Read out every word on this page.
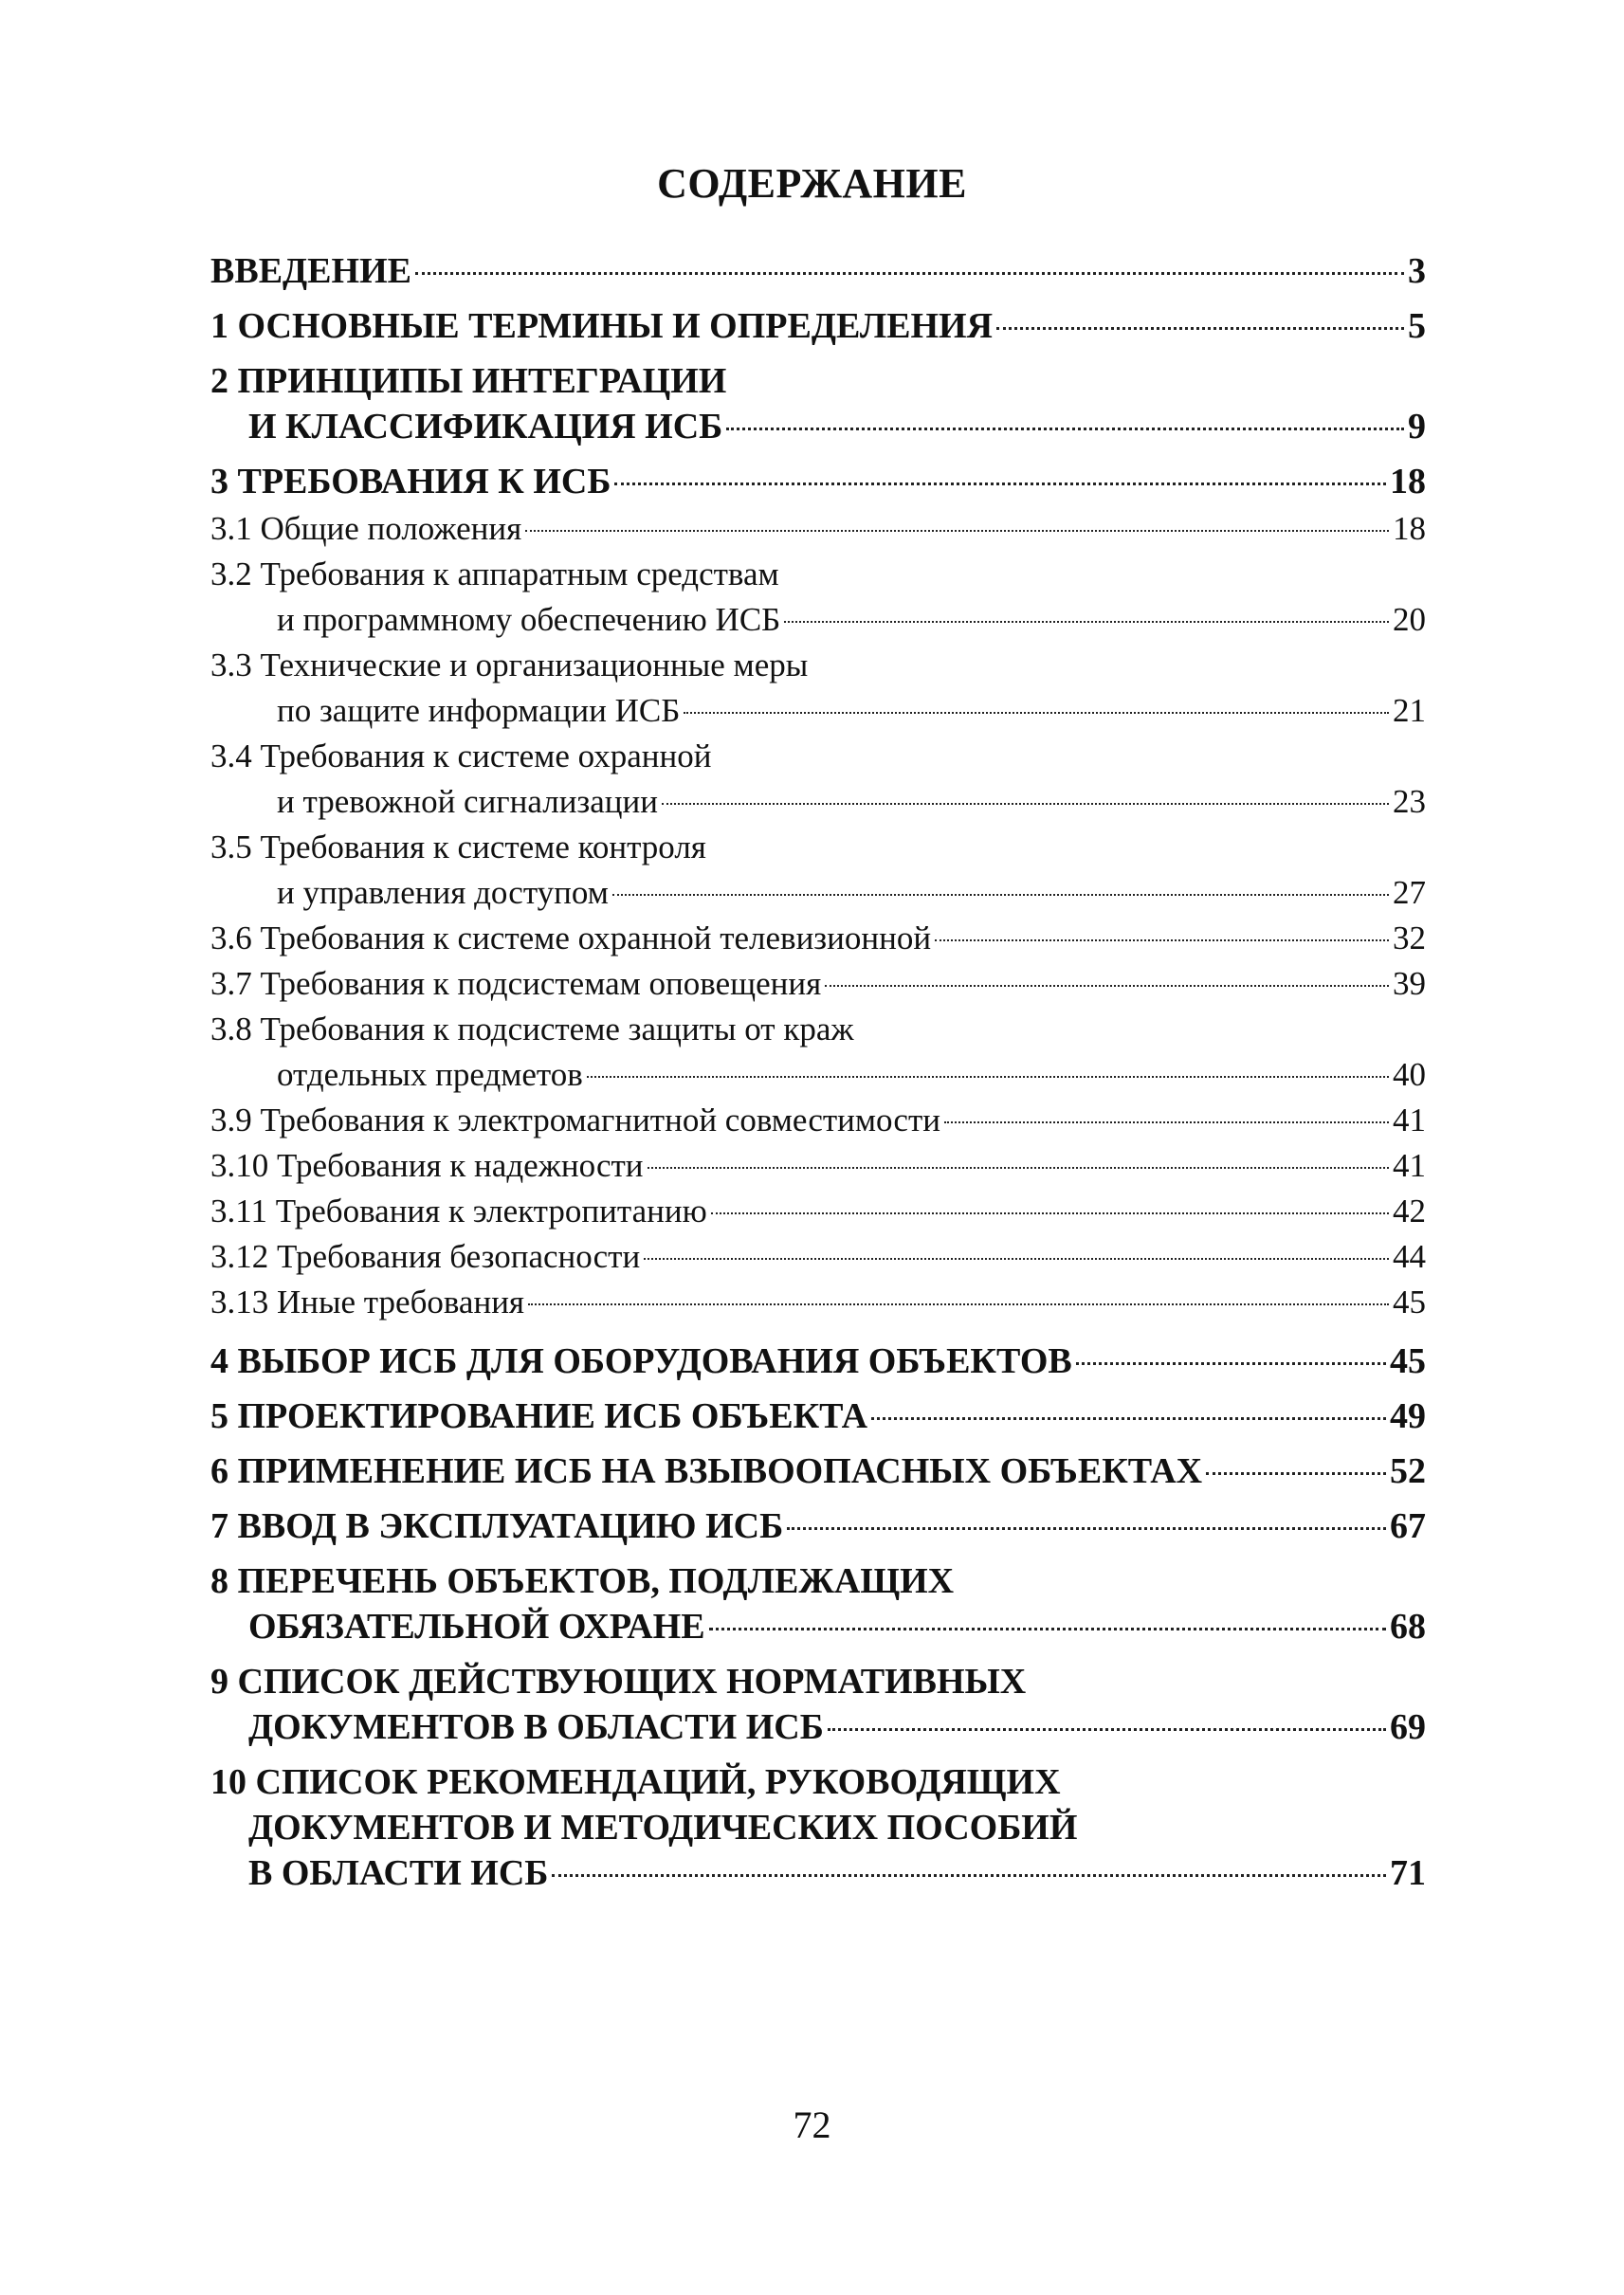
СОДЕРЖАНИЕ
ВВЕДЕНИЕ	3
1 ОСНОВНЫЕ ТЕРМИНЫ И ОПРЕДЕЛЕНИЯ	5
2 ПРИНЦИПЫ ИНТЕГРАЦИИ
И КЛАССИФИКАЦИЯ ИСБ	9
3 ТРЕБОВАНИЯ К ИСБ	18
3.1 Общие положения	18
3.2 Требования к аппаратным средствам
и программному обеспечению ИСБ	20
3.3 Технические и организационные меры
по защите информации ИСБ	21
3.4 Требования к системе охранной
и тревожной сигнализации	23
3.5 Требования к системе контроля
и управления доступом	27
3.6 Требования к системе охранной телевизионной	32
3.7 Требования к подсистемам оповещения	39
3.8 Требования к подсистеме защиты от краж
отдельных предметов	40
3.9 Требования к электромагнитной совместимости	41
3.10 Требования к надежности	41
3.11 Требования к электропитанию	42
3.12 Требования безопасности	44
3.13 Иные требования	45
4 ВЫБОР ИСБ ДЛЯ ОБОРУДОВАНИЯ ОБЪЕКТОВ	45
5 ПРОЕКТИРОВАНИЕ ИСБ ОБЪЕКТА	49
6 ПРИМЕНЕНИЕ ИСБ НА ВЗЫВООПАСНЫХ ОБЪЕКТАХ	52
7 ВВОД В ЭКСПЛУАТАЦИЮ ИСБ	67
8 ПЕРЕЧЕНЬ ОБЪЕКТОВ, ПОДЛЕЖАЩИХ
ОБЯЗАТЕЛЬНОЙ ОХРАНЕ	68
9 СПИСОК ДЕЙСТВУЮЩИХ НОРМАТИВНЫХ
ДОКУМЕНТОВ В ОБЛАСТИ ИСБ	69
10 СПИСОК РЕКОМЕНДАЦИЙ, РУКОВОДЯЩИХ
ДОКУМЕНТОВ И МЕТОДИЧЕСКИХ ПОСОБИЙ
В ОБЛАСТИ ИСБ	71
72
